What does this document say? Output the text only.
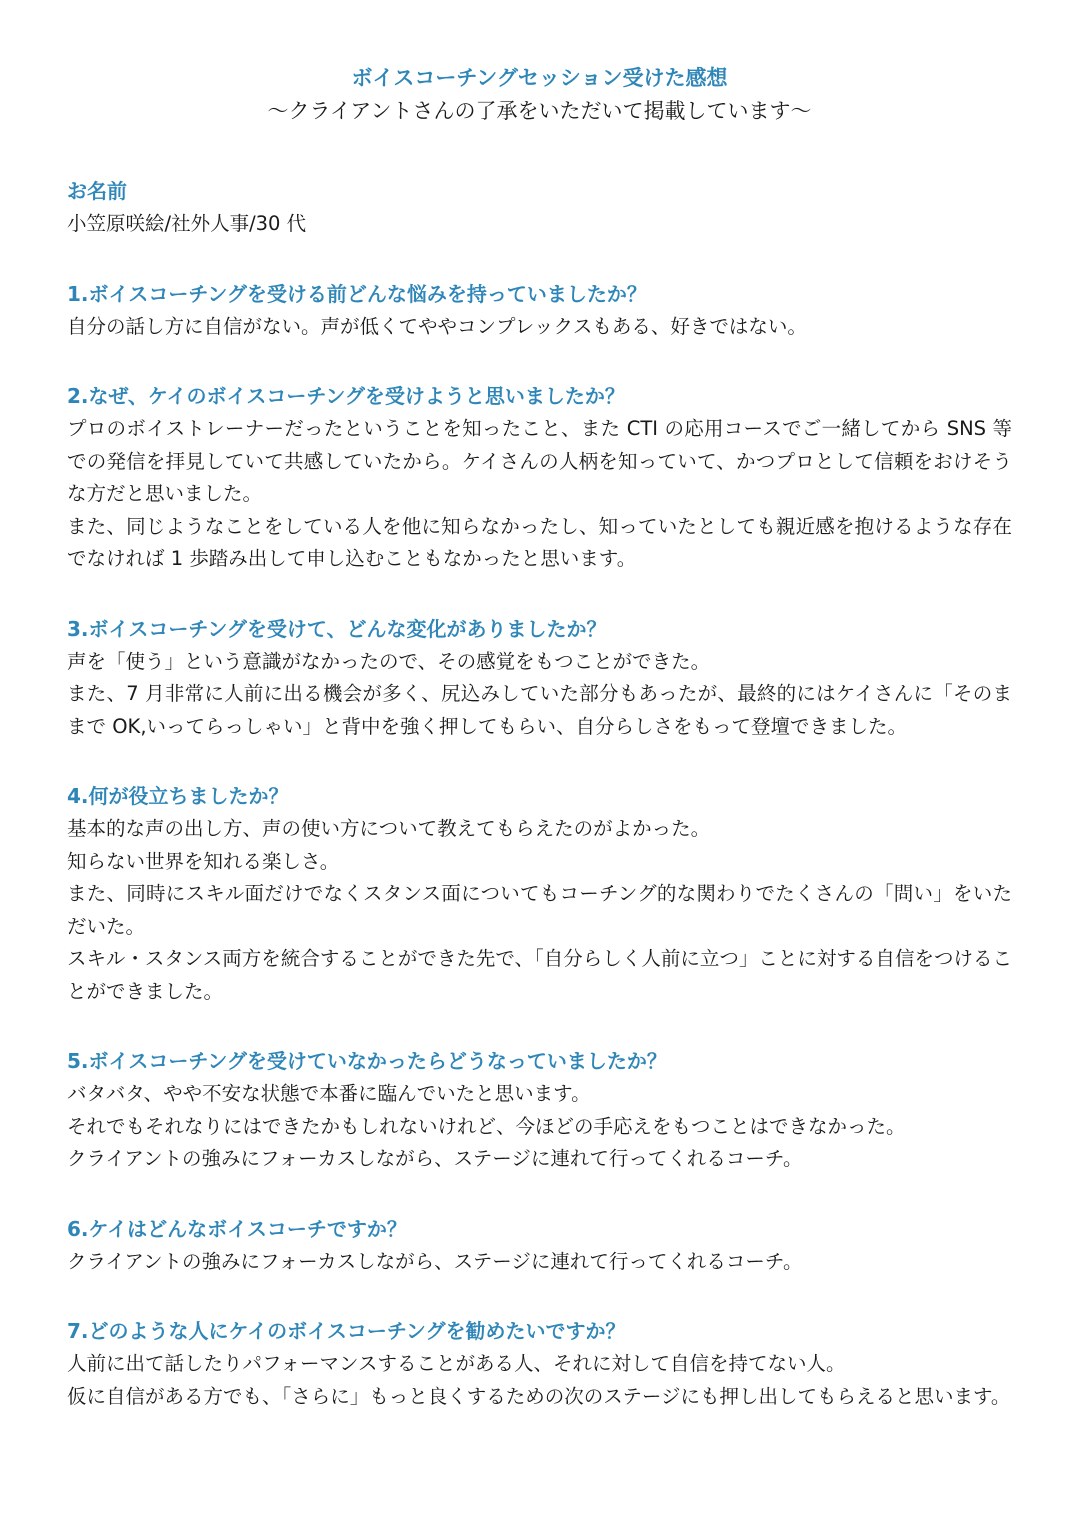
ボイスコーチングセッション受けた感想

〜クライアントさんの了承をいただいて掲載しています〜

お名前

小笠原咲絵/社外人事/30 代

1.ボイスコーチングを受ける前どんな悩みを持っていましたか？

自分の話し方に自信がない。声が低くてややコンプレックスもある、好きではない。

2.なぜ、ケイのボイスコーチングを受けようと思いましたか？

プロのボイストレーナーだったということを知ったこと、また CTI の応用コースでご一緒してから SNS 等での発信を拝見していて共感していたから。ケイさんの人柄を知っていて、かつプロとして信頼をおけそうな方だと思いました。

また、同じようなことをしている人を他に知らなかったし、知っていたとしても親近感を抱けるような存在でなければ 1 歩踏み出して申し込むこともなかったと思います。

3.ボイスコーチングを受けて、どんな変化がありましたか？

声を「使う」という意識がなかったので、その感覚をもつことができた。

また、7 月非常に人前に出る機会が多く、尻込みしていた部分もあったが、最終的にはケイさんに「そのままで OK,いってらっしゃい」と背中を強く押してもらい、自分らしさをもって登壇できました。

4.何が役立ちましたか？

基本的な声の出し方、声の使い方について教えてもらえたのがよかった。

知らない世界を知れる楽しさ。

また、同時にスキル面だけでなくスタンス面についてもコーチング的な関わりでたくさんの「問い」をいただいた。

スキル・スタンス両方を統合することができた先で、「自分らしく人前に立つ」ことに対する自信をつけることができました。

5.ボイスコーチングを受けていなかったらどうなっていましたか？

バタバタ、やや不安な状態で本番に臨んでいたと思います。

それでもそれなりにはできたかもしれないけれど、今ほどの手応えをもつことはできなかった。

クライアントの強みにフォーカスしながら、ステージに連れて行ってくれるコーチ。

6.ケイはどんなボイスコーチですか？

クライアントの強みにフォーカスしながら、ステージに連れて行ってくれるコーチ。

7.どのような人にケイのボイスコーチングを勧めたいですか？

人前に出て話したりパフォーマンスすることがある人、それに対して自信を持てない人。

仮に自信がある方でも、「さらに」もっと良くするための次のステージにも押し出してもらえると思います。
